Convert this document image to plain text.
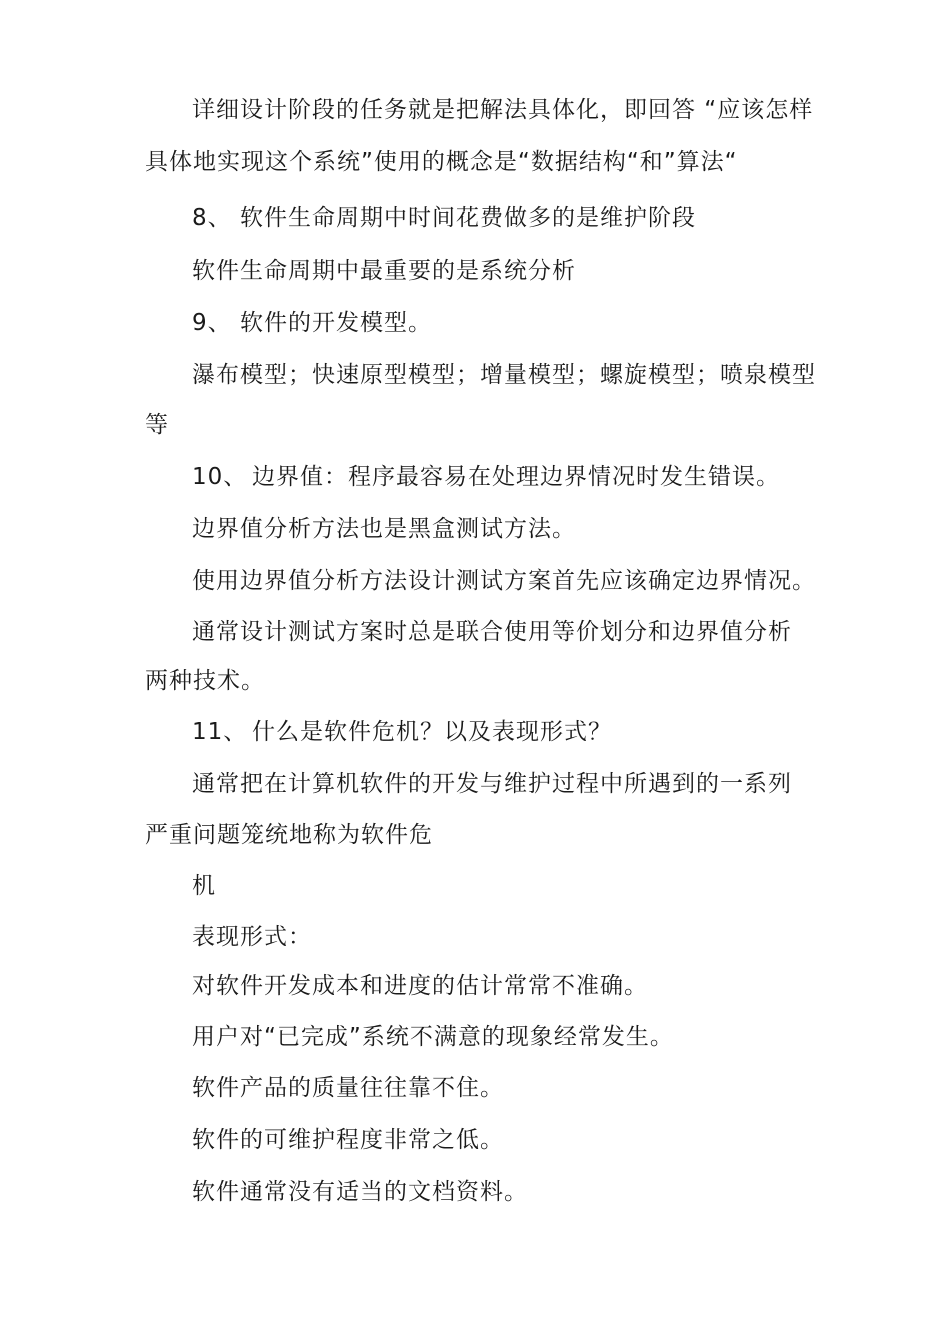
详细设计阶段的任务就是把解法具体化，即回答 “应该怎样
具体地实现这个系统”使用的概念是“数据结构“和”算法“
8、 软件生命周期中时间花费做多的是维护阶段
软件生命周期中最重要的是系统分析
9、 软件的开发模型。
瀑布模型；快速原型模型；增量模型；螺旋模型；喷泉模型
等
10、 边界值：程序最容易在处理边界情况时发生错误。
边界值分析方法也是黑盒测试方法。
使用边界值分析方法设计测试方案首先应该确定边界情况。
通常设计测试方案时总是联合使用等价划分和边界值分析
两种技术。
11、 什么是软件危机？以及表现形式？
通常把在计算机软件的开发与维护过程中所遇到的一系列
严重问题笼统地称为软件危
机
表现形式：
对软件开发成本和进度的估计常常不准确。
用户对“已完成”系统不满意的现象经常发生。
软件产品的质量往往靠不住。
软件的可维护程度非常之低。
软件通常没有适当的文档资料。
